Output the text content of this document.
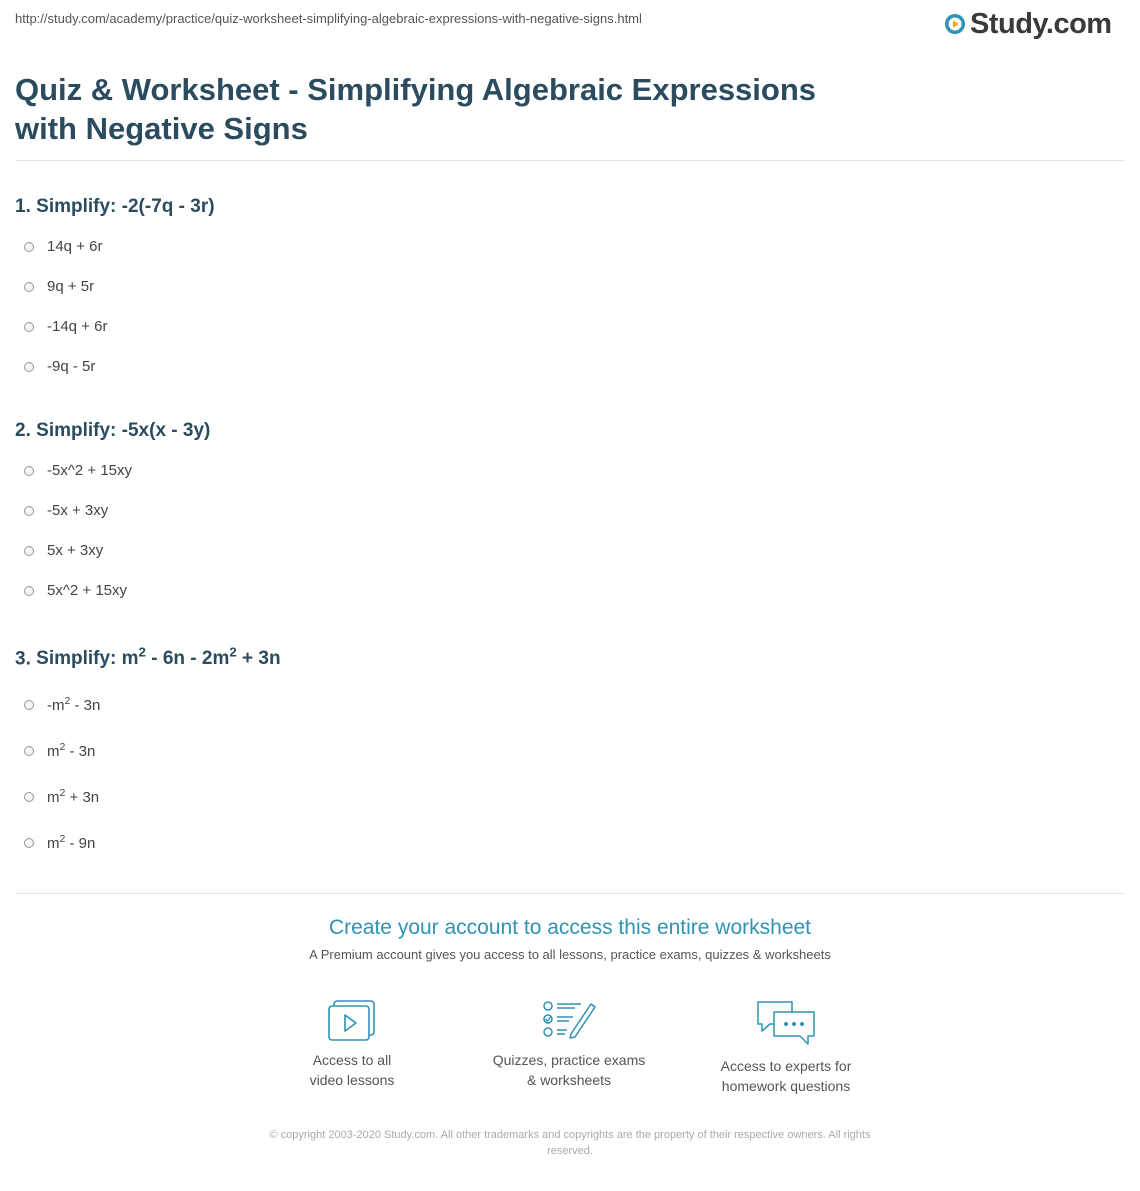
http://study.com/academy/practice/quiz-worksheet-simplifying-algebraic-expressions-with-negative-signs.html	Study.com
Quiz & Worksheet - Simplifying Algebraic Expressions with Negative Signs
1. Simplify: -2(-7q - 3r)
14q + 6r
9q + 5r
-14q + 6r
-9q - 5r
2. Simplify: -5x(x - 3y)
-5x^2 + 15xy
-5x + 3xy
5x + 3xy
5x^2 + 15xy
3. Simplify: $m^2 - 6n - 2m^2 + 3n$
$-m^2 - 3n$
$m^2 - 3n$
$m^2 + 3n$
$m^2 - 9n$
Create your account to access this entire worksheet
A Premium account gives you access to all lessons, practice exams, quizzes & worksheets
Access to all
video lessons
Quizzes, practice exams
& worksheets
Access to experts for
homework questions
© copyright 2003-2020 Study.com. All other trademarks and copyrights are the property of their respective owners. All rights
reserved.
